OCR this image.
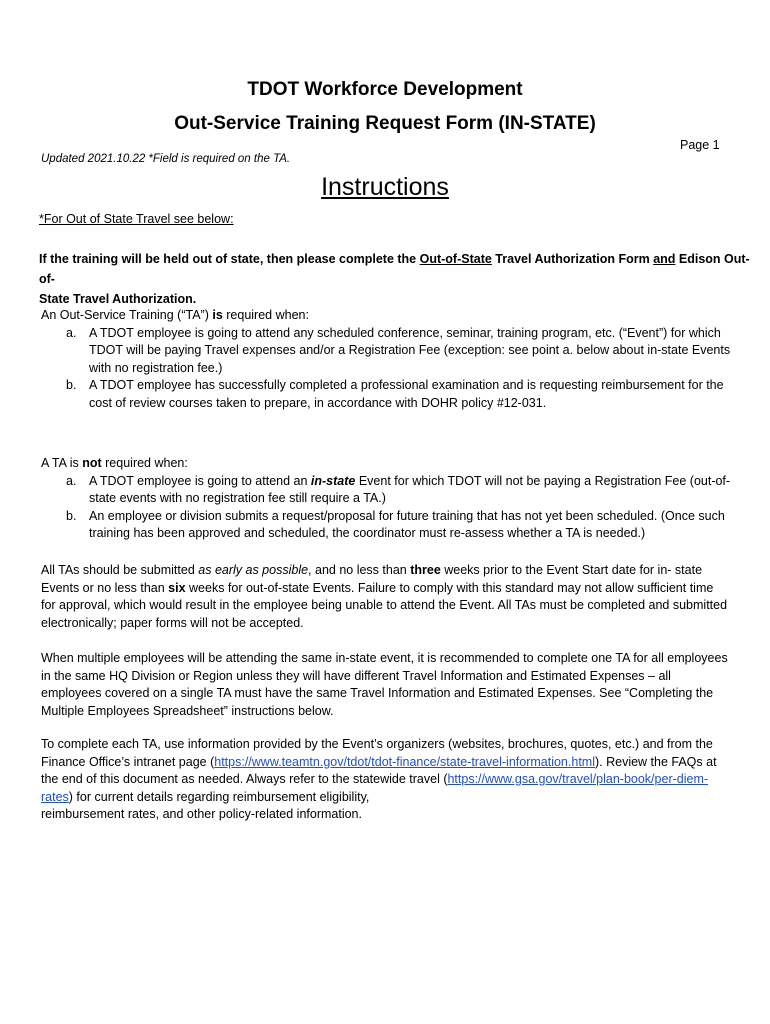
TDOT Workforce Development
Out-Service Training Request Form (IN-STATE)
Page 1
Updated 2021.10.22 *Field is required on the TA.
Instructions
*For Out of State Travel see below:
If the training will be held out of state, then please complete the Out-of-State Travel Authorization Form and Edison Out-of-
State Travel Authorization.
An Out-Service Training (“TA”) is required when:
a. A TDOT employee is going to attend any scheduled conference, seminar, training program, etc. (“Event”) for which TDOT will be paying Travel expenses and/or a Registration Fee (exception: see point a. below about in-state Events with no registration fee.)
b. A TDOT employee has successfully completed a professional examination and is requesting reimbursement for the cost of review courses taken to prepare, in accordance with DOHR policy #12-031.
A TA is not required when:
a. A TDOT employee is going to attend an in-state Event for which TDOT will not be paying a Registration Fee (out-of-state events with no registration fee still require a TA.)
b. An employee or division submits a request/proposal for future training that has not yet been scheduled. (Once such training has been approved and scheduled, the coordinator must re-assess whether a TA is needed.)
All TAs should be submitted as early as possible, and no less than three weeks prior to the Event Start date for in- state Events or no less than six weeks for out-of-state Events. Failure to comply with this standard may not allow sufficient time for approval, which would result in the employee being unable to attend the Event. All TAs must be completed and submitted electronically; paper forms will not be accepted.
When multiple employees will be attending the same in-state event, it is recommended to complete one TA for all employees in the same HQ Division or Region unless they will have different Travel Information and Estimated Expenses – all employees covered on a single TA must have the same Travel Information and Estimated Expenses. See “Completing the Multiple Employees Spreadsheet” instructions below.
To complete each TA, use information provided by the Event’s organizers (websites, brochures, quotes, etc.) and from the Finance Office’s intranet page (https://www.teamtn.gov/tdot/tdot-finance/state-travel-information.html). Review the FAQs at the end of this document as needed. Always refer to the statewide travel (https://www.gsa.gov/travel/plan-book/per-diem-rates) for current details regarding reimbursement eligibility,
reimbursement rates, and other policy-related information.
